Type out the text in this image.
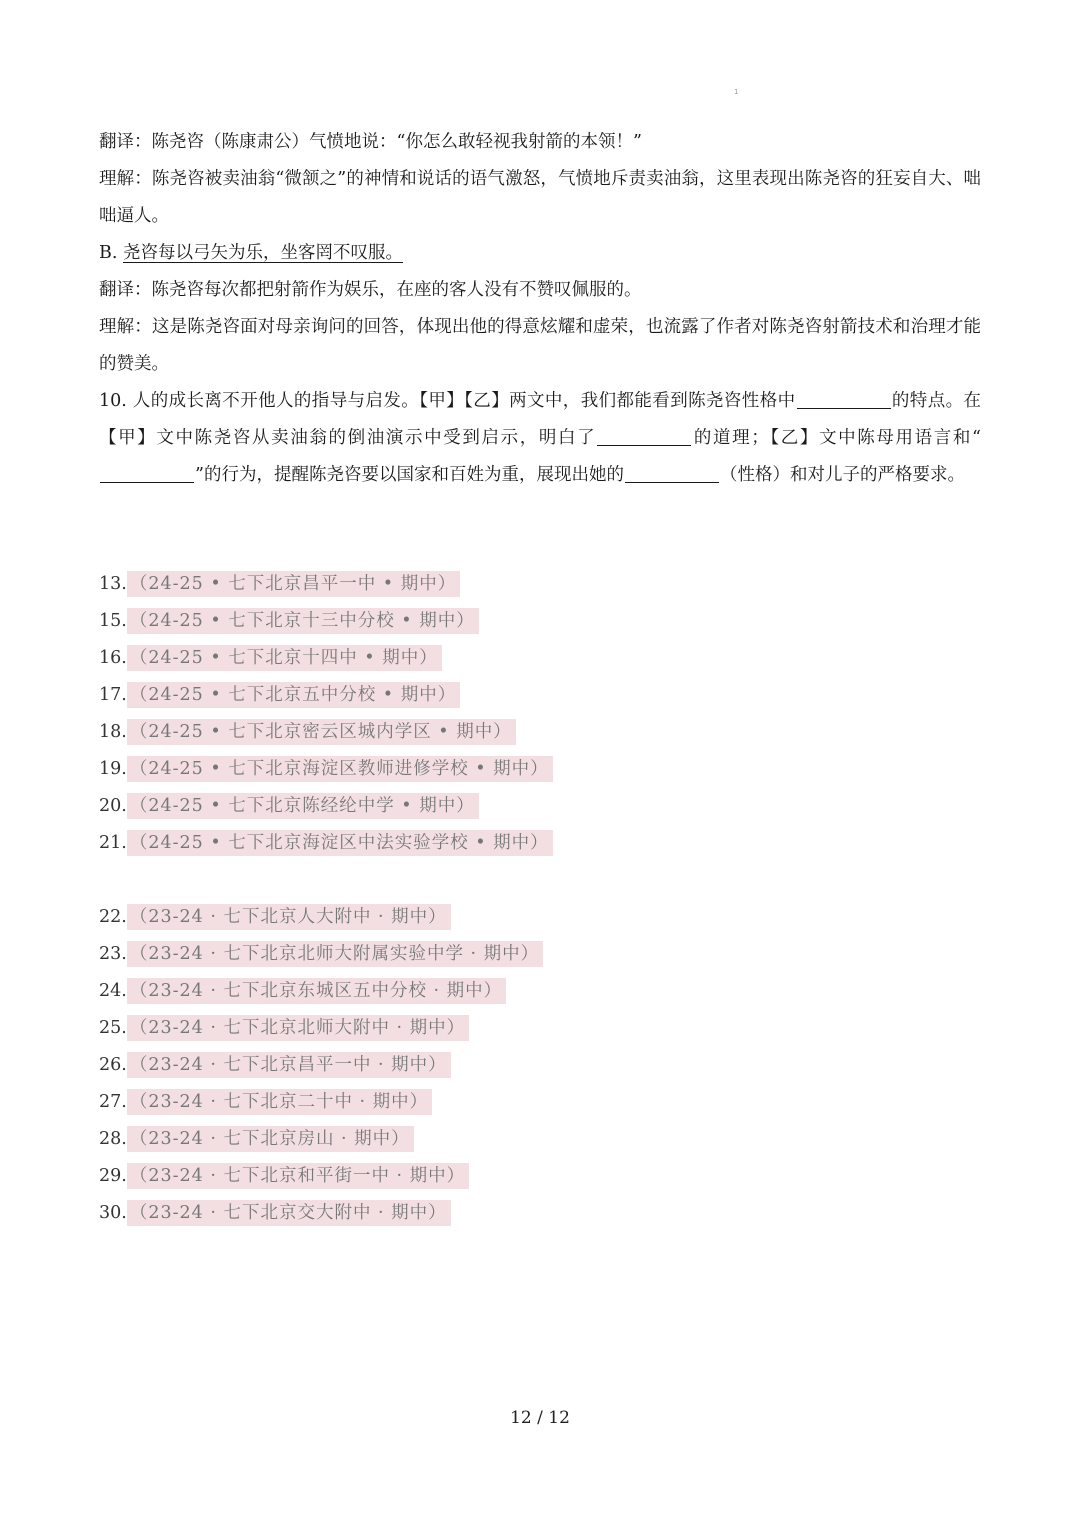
1
翻译：陈尧咨（陈康肃公）气愤地说：“你怎么敢轻视我射箭的本领！”
理解：陈尧咨被卖油翁“微颔之”的神情和说话的语气激怒，气愤地斥责卖油翁，这里表现出陈尧咨的狂妄自大、咄咄逼人。
B. 尧咨每以弓矢为乐，坐客罔不叹服。
翻译：陈尧咨每次都把射箭作为娱乐，在座的客人没有不赞叹佩服的。
理解：这是陈尧咨面对母亲询问的回答，体现出他的得意炫耀和虚荣，也流露了作者对陈尧咨射箭技术和治理才能的赞美。
10. 人的成长离不开他人的指导与启发。【甲】【乙】两文中，我们都能看到陈尧咨性格中	的特点。在【甲】文中陈尧咨从卖油翁的倒油演示中受到启示，明白了	的道理；【乙】文中陈母用语言和“”的行为，提醒陈尧咨要以国家和百姓为重，展现出她的	（性格）和对儿子的严格要求。
13. （24-25 • 七下北京昌平一中 • 期中）
15. （24-25 • 七下北京十三中分校 • 期中）
16. （24-25 • 七下北京十四中 • 期中）
17. （24-25 • 七下北京五中分校 • 期中）
18. （24-25 • 七下北京密云区城内学区 • 期中）
19. （24-25 • 七下北京海淀区教师进修学校 • 期中）
20. （24-25 • 七下北京陈经纶中学 • 期中）
21. （24-25 • 七下北京海淀区中法实验学校 • 期中）
22. （23-24 · 七下北京人大附中 · 期中）
23. （23-24 · 七下北京北师大附属实验中学 · 期中）
24. （23-24 · 七下北京东城区五中分校 · 期中）
25. （23-24 · 七下北京北师大附中 · 期中）
26. （23-24 · 七下北京昌平一中 · 期中）
27. （23-24 · 七下北京二十中 · 期中）
28. （23-24 · 七下北京房山 · 期中）
29. （23-24 · 七下北京和平街一中 · 期中）
30. （23-24 · 七下北京交大附中 · 期中）
12 / 12
